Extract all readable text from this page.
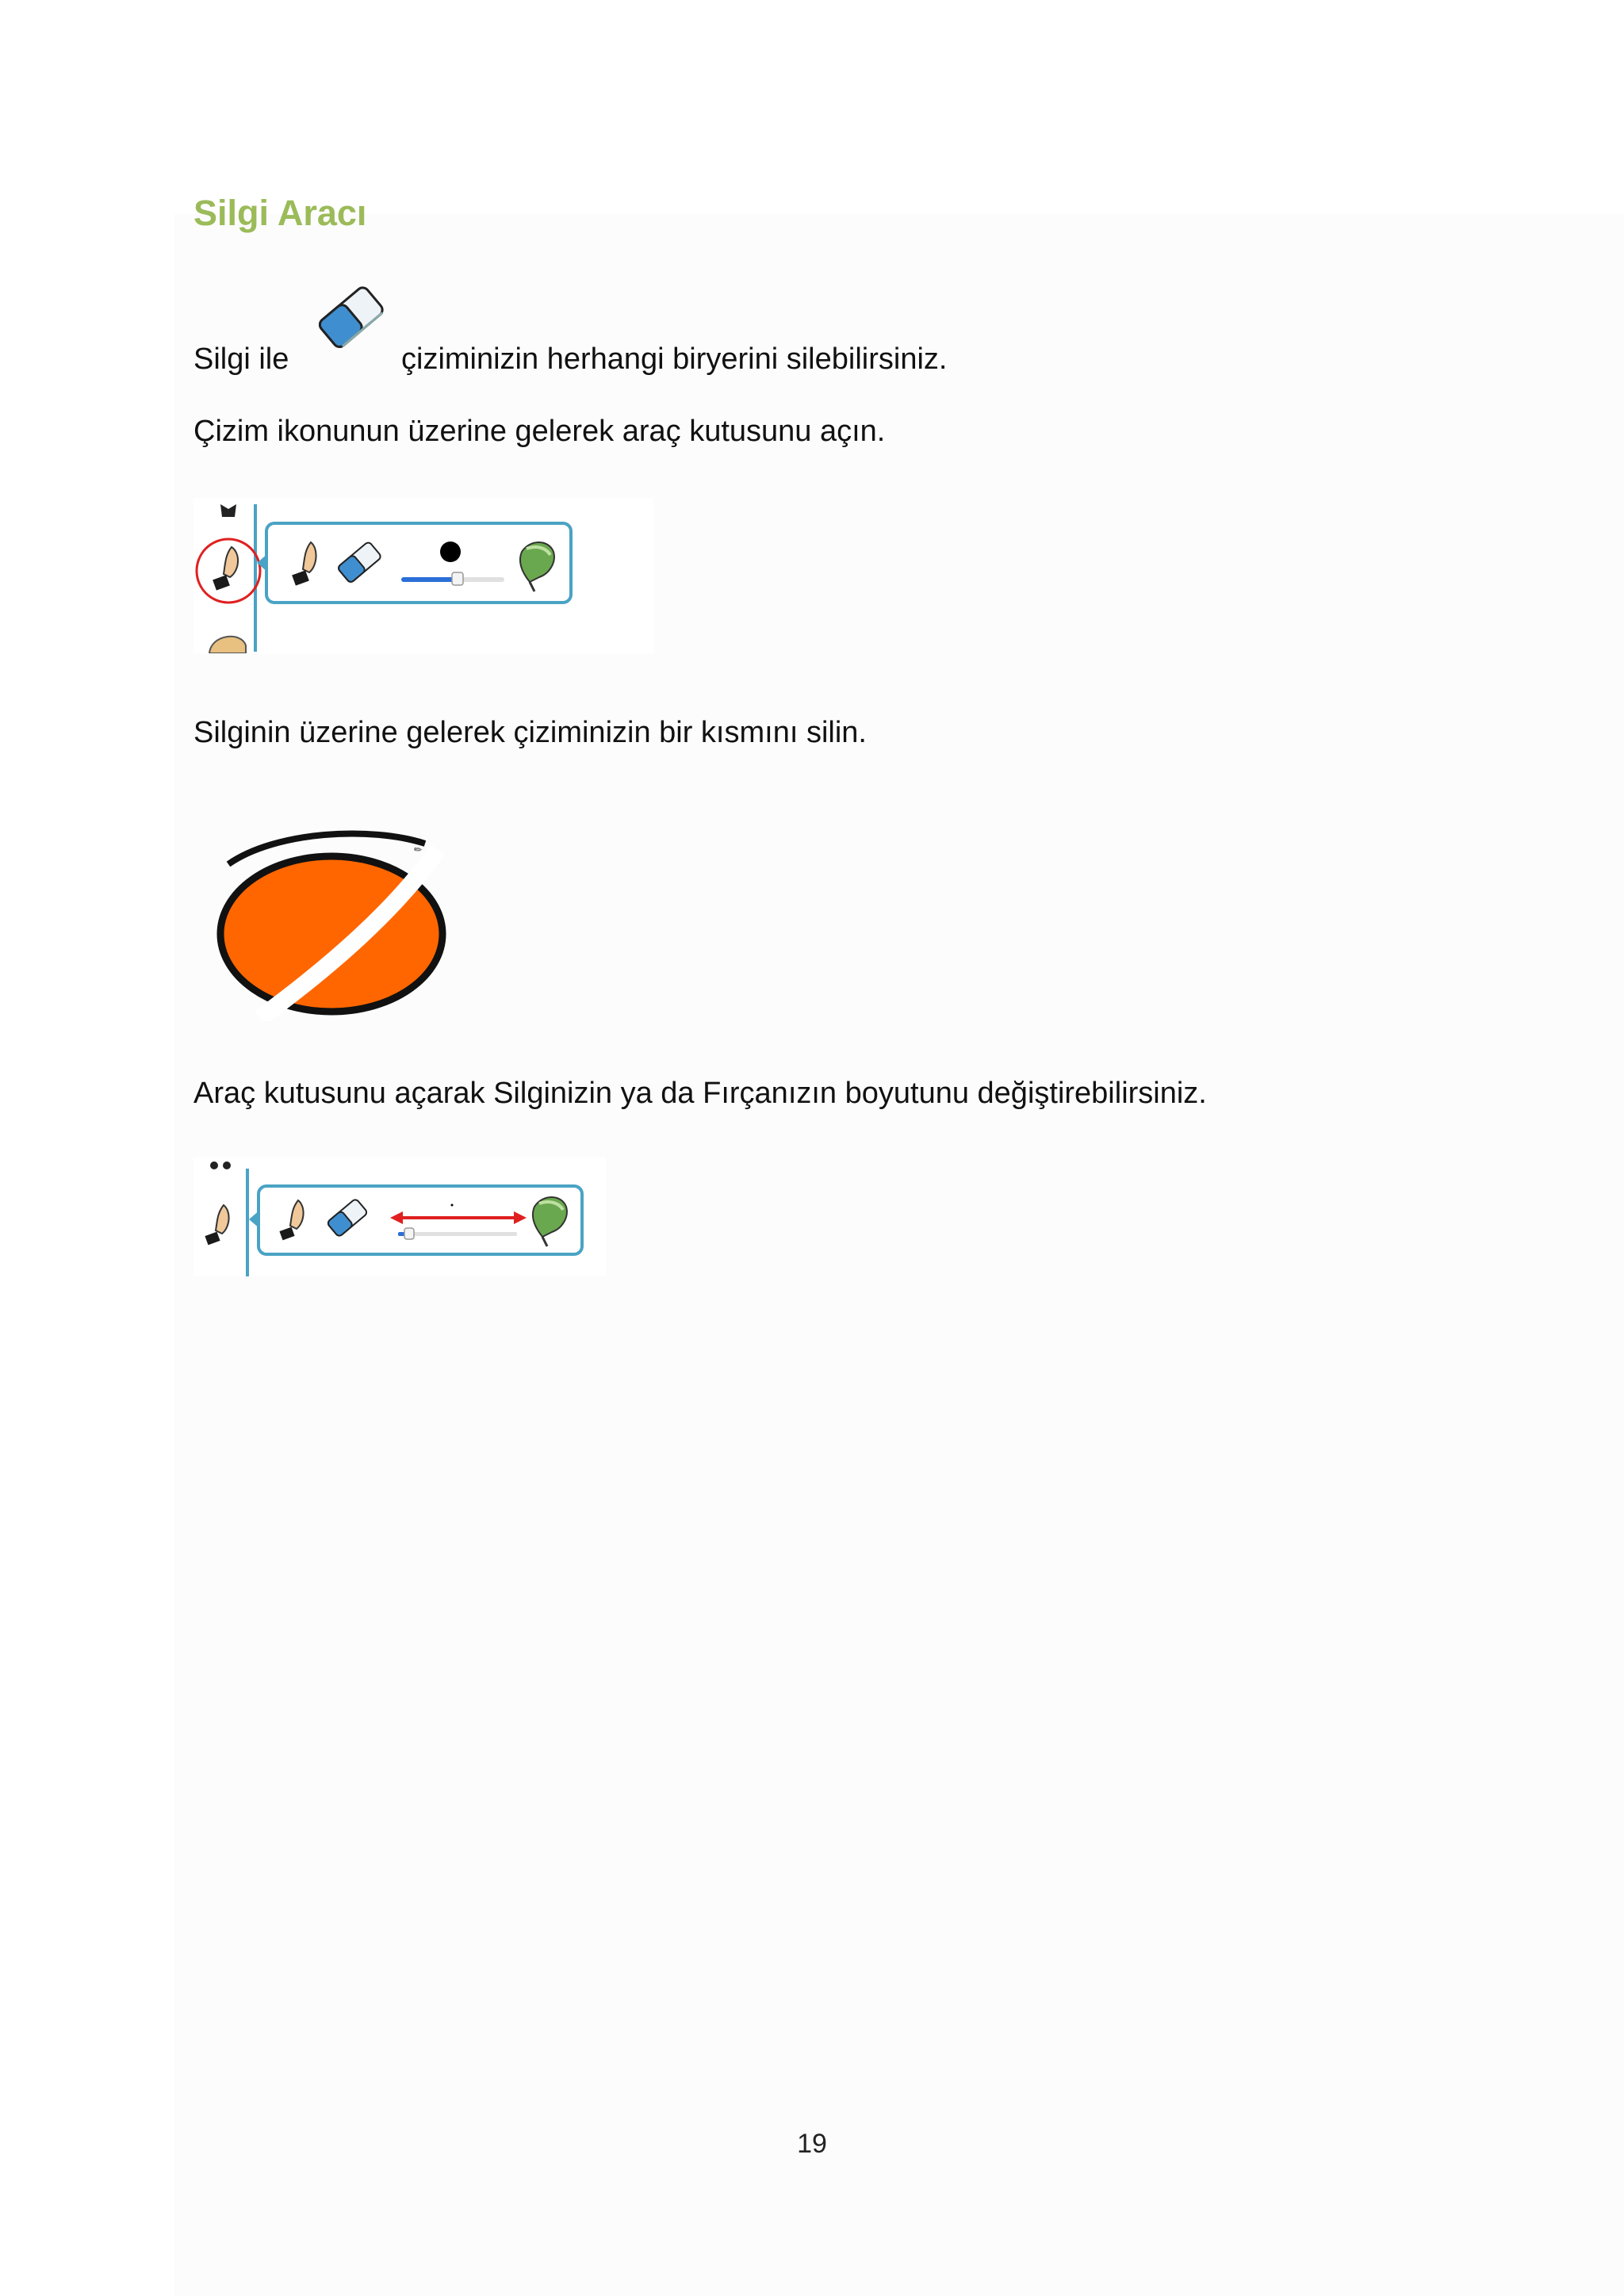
Silgi Aracı
Silgi ile	çiziminizin herhangi biryerini silebilirsiniz.
Çizim ikonunun üzerine gelerek araç kutusunu açın.
Silginin üzerine gelerek çiziminizin bir kısmını silin.
✎
Araç kutusunu açarak Silginizin ya da Fırçanızın boyutunu değiştirebilirsiniz.
19
